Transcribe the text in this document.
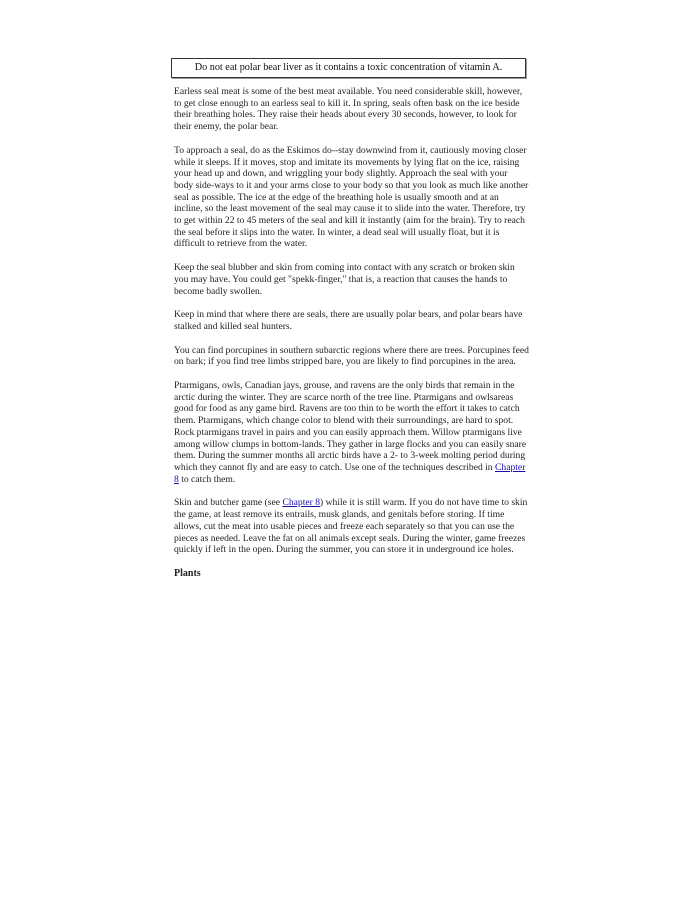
Do not eat polar bear liver as it contains a toxic concentration of vitamin A.

Earless seal meat is some of the best meat available. You need considerable skill, however, to get close enough to an earless seal to kill it. In spring, seals often bask on the ice beside their breathing holes. They raise their heads about every 30 seconds, however, to look for their enemy, the polar bear.

To approach a seal, do as the Eskimos do--stay downwind from it, cautiously moving closer while it sleeps. If it moves, stop and imitate its movements by lying flat on the ice, raising your head up and down, and wriggling your body slightly. Approach the seal with your body side-ways to it and your arms close to your body so that you look as much like another seal as possible. The ice at the edge of the breathing hole is usually smooth and at an incline, so the least movement of the seal may cause it to slide into the water. Therefore, try to get within 22 to 45 meters of the seal and kill it instantly (aim for the brain). Try to reach the seal before it slips into the water. In winter, a dead seal will usually float, but it is difficult to retrieve from the water.

Keep the seal blubber and skin from coming into contact with any scratch or broken skin you may have. You could get "spekk-finger," that is, a reaction that causes the hands to become badly swollen.

Keep in mind that where there are seals, there are usually polar bears, and polar bears have stalked and killed seal hunters.

You can find porcupines in southern subarctic regions where there are trees. Porcupines feed on bark; if you find tree limbs stripped bare, you are likely to find porcupines in the area.

Ptarmigans, owls, Canadian jays, grouse, and ravens are the only birds that remain in the arctic during the winter. They are scarce north of the tree line. Ptarmigans and owlsareas good for food as any game bird. Ravens are too thin to be worth the effort it takes to catch them. Ptarmigans, which change color to blend with their surroundings, are hard to spot. Rock ptarmigans travel in pairs and you can easily approach them. Willow ptarmigans live among willow clumps in bottom-lands. They gather in large flocks and you can easily snare them. During the summer months all arctic birds have a 2- to 3-week molting period during which they cannot fly and are easy to catch. Use one of the techniques described in Chapter 8 to catch them.

Skin and butcher game (see Chapter 8) while it is still warm. If you do not have time to skin the game, at least remove its entrails, musk glands, and genitals before storing. If time allows, cut the meat into usable pieces and freeze each separately so that you can use the pieces as needed. Leave the fat on all animals except seals. During the winter, game freezes quickly if left in the open. During the summer, you can store it in underground ice holes.

Plants
